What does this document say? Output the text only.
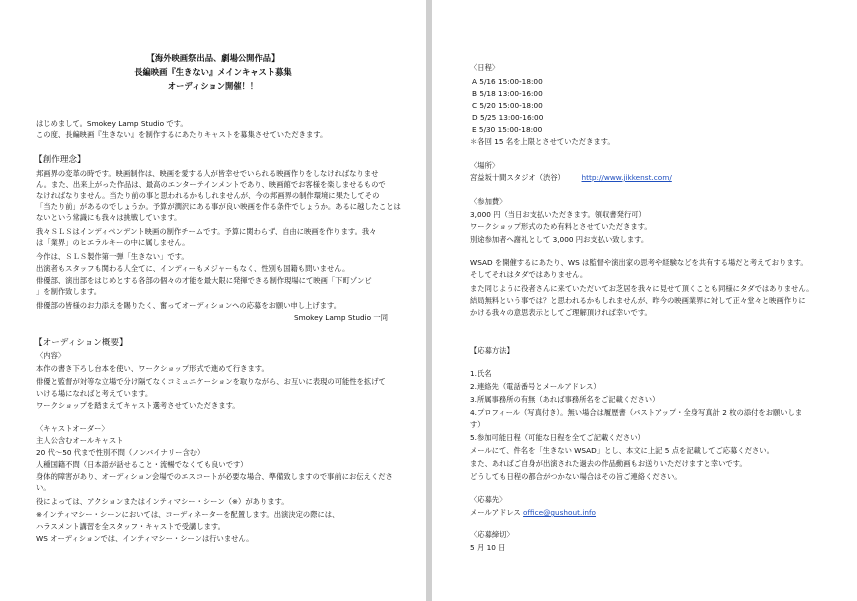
【海外映画祭出品、劇場公開作品】
長編映画『生きない』メインキャスト募集
オーディション開催！！
はじめまして。Smokey Lamp Studio です。
この度、長編映画『生きない』を制作するにあたりキャストを募集させていただきます。
【創作理念】
邦画界の変革の時です。映画制作は、映画を愛する人が皆幸せでいられる映画作りをしなければなりませ
ん。また、出来上がった作品は、最高のエンターテインメントであり、映画館でお客様を楽しませるもので
なければなりません。当たり前の事と思われるかもしれませんが、今の邦画界の制作環境に果たしてその
「当たり前」があるのでしょうか。予算が潤沢にある事が良い映画を作る条件でしょうか。あるに越したことは
ないという常識にも我々は挑戦しています。
我々ＳＬＳはインディペンデント映画の制作チームです。予算に関わらず、自由に映画を作ります。我々
は「業界」のヒエラルキーの中に属しません。
今作は、ＳＬＳ製作第一弾「生きない」です。
出演者もスタッフも関わる人全てに、インディーもメジャーもなく、性別も国籍も問いません。
俳優部、演出部をはじめとする各部の個々の才能を最大限に発揮できる制作現場にて映画「下町ゾンビ
」を制作致します。
俳優部の皆様のお力添えを賜りたく、奮ってオーディションへの応募をお願い申し上げます。
Smokey Lamp Studio 一同
【オーディション概要】
〈内容〉
本作の書き下ろし台本を使い、ワークショップ形式で進めて行きます。
俳優と監督が対等な立場で分け隔てなくコミュニケーションを取りながら、お互いに表現の可能性を拡げて
いける場になればと考えています。
ワークショップを踏まえてキャスト選考させていただきます。
〈キャストオーダー〉
主人公含むオールキャスト
20 代〜50 代まで性別不問（ノンバイナリー含む）
人種国籍不問（日本語が話せること・流暢でなくても良いです）
身体的障害があり、オーディション会場でのエスコートが必要な場合、準備致しますので事前にお伝えくださ
い。
役によっては、アクションまたはインティマシー・シーン（※）があります。
※インティマシー・シーンにおいては、コーディネーターを配置します。出演決定の際には、
ハラスメント講習を全スタッフ・キャストで受講します。
WS オーディションでは、インティマシー・シーンは行いません。
〈日程〉
A 5/16 15:00-18:00
B 5/18 13:00-16:00
C 5/20 15:00-18:00
D 5/25 13:00-16:00
E 5/30 15:00-18:00
＊各回 15 名を上限とさせていただきます。
〈場所〉
宮益坂十間スタジオ（渋谷） http://www.jikkenst.com/
〈参加費〉
3,000 円（当日お支払いただきます。領収書発行可）
ワークショップ形式のため有料とさせていただきます。
別途参加者へ謝礼として 3,000 円お支払い致します。
WSAD を開催するにあたり、WS は監督や演出家の思考や経験などを共有する場だと考えております。
そしてそれはタダではありません。
また同じように役者さんに来ていただいてお芝居を我々に見せて頂くことも同様にタダではありません。
結局無料という事では？と思われるかもしれませんが、昨今の映画業界に対して正々堂々と映画作りに
かける我々の意思表示としてご理解頂ければ幸いです。
【応募方法】
1.氏名
2.連絡先（電話番号とメールアドレス）
3.所属事務所の有無（あれば事務所名をご記載ください）
4.プロフィール（写真付き）。無い場合は履歴書（バストアップ・全身写真計 2 枚の添付をお願いしま
す）
5.参加可能日程（可能な日程を全てご記載ください）
メールにて、件名を「生きない WSAD」とし、本文に上記 5 点を記載してご応募ください。
また、あればご自身が出演された過去の作品動画もお送りいただけますと幸いです。
どうしても日程の都合がつかない場合はその旨ご連絡ください。
〈応募先〉
メールアドレス office@gushout.info
〈応募締切〉
5 月 10 日
